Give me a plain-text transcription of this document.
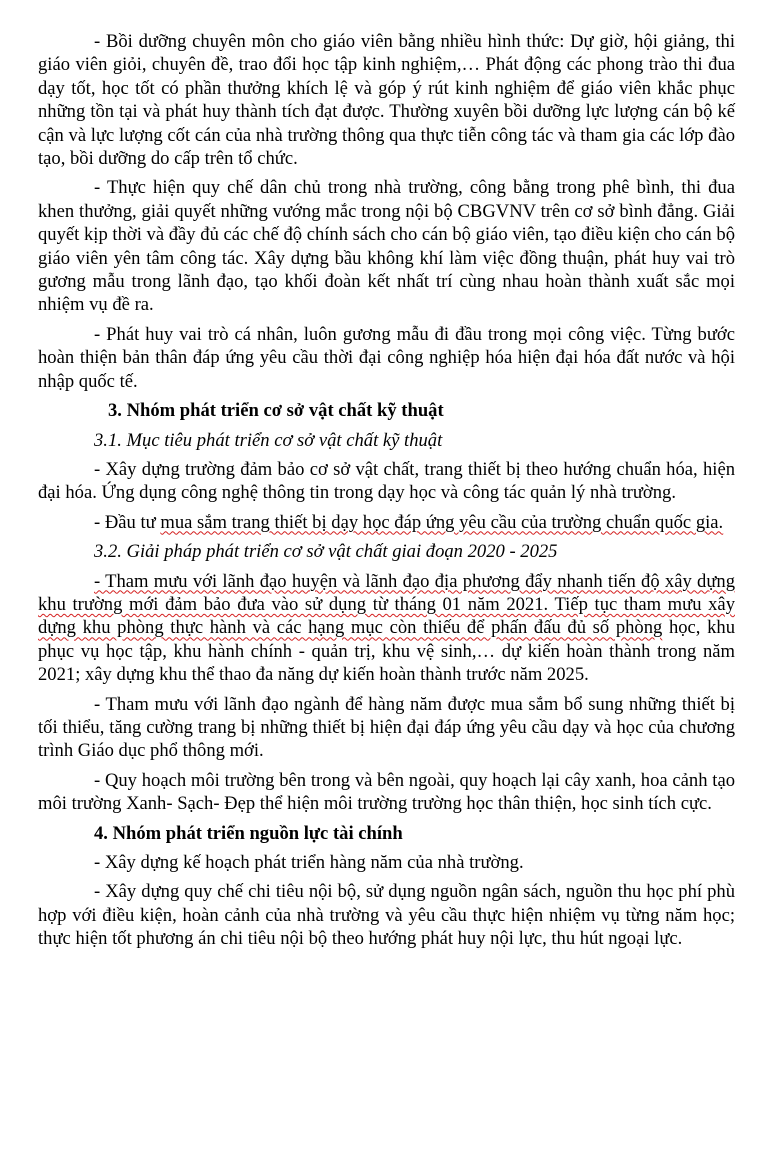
- Bồi dưỡng chuyên môn cho giáo viên bằng nhiều hình thức: Dự giờ, hội giảng, thi giáo viên giỏi, chuyên đề, trao đổi học tập kinh nghiệm,… Phát động các phong trào thi đua dạy tốt, học tốt có phần thưởng khích lệ và góp ý rút kinh nghiệm để giáo viên khắc phục những tồn tại và phát huy thành tích đạt được. Thường xuyên bồi dưỡng lực lượng cán bộ kế cận và lực lượng cốt cán của nhà trường thông qua thực tiễn công tác và tham gia các lớp đào tạo, bồi dưỡng do cấp trên tổ chức.

- Thực hiện quy chế dân chủ trong nhà trường, công bằng trong phê bình, thi đua khen thưởng, giải quyết những vướng mắc trong nội bộ CBGVNV trên cơ sở bình đẳng. Giải quyết kịp thời và đầy đủ các chế độ chính sách cho cán bộ giáo viên, tạo điều kiện cho cán bộ giáo viên yên tâm công tác. Xây dựng bầu không khí làm việc đồng thuận, phát huy vai trò gương mẫu trong lãnh đạo, tạo khối đoàn kết nhất trí cùng nhau hoàn thành xuất sắc mọi nhiệm vụ đề ra.

- Phát huy vai trò cá nhân, luôn gương mẫu đi đầu trong mọi công việc. Từng bước hoàn thiện bản thân đáp ứng yêu cầu thời đại công nghiệp hóa hiện đại hóa đất nước và hội nhập quốc tế.

3. Nhóm phát triển cơ sở vật chất kỹ thuật

3.1. Mục tiêu phát triển cơ sở vật chất kỹ thuật

- Xây dựng trường đảm bảo cơ sở vật chất, trang thiết bị theo hướng chuẩn hóa, hiện đại hóa. Ứng dụng công nghệ thông tin trong dạy học và công tác quản lý nhà trường.

- Đầu tư mua sắm trang thiết bị dạy học đáp ứng yêu cầu của trường chuẩn quốc gia.

3.2. Giải pháp phát triển cơ sở vật chất giai đoạn 2020 - 2025

- Tham mưu với lãnh đạo huyện và lãnh đạo địa phương đẩy nhanh tiến độ xây dựng khu trường mới đảm bảo đưa vào sử dụng từ tháng 01 năm 2021. Tiếp tục tham mưu xây dựng khu phòng thực hành và các hạng mục còn thiếu để phấn đấu đủ số phòng học, khu phục vụ học tập, khu hành chính - quản trị, khu vệ sinh,… dự kiến hoàn thành trong năm 2021; xây dựng khu thể thao đa năng dự kiến hoàn thành trước năm 2025.

- Tham mưu với lãnh đạo ngành để hàng năm được mua sắm bổ sung những thiết bị tối thiểu, tăng cường trang bị những thiết bị hiện đại đáp ứng yêu cầu dạy và học của chương trình Giáo dục phổ thông mới.

- Quy hoạch môi trường bên trong và bên ngoài, quy hoạch lại cây xanh, hoa cảnh tạo môi trường Xanh- Sạch- Đẹp thể hiện môi trường trường học thân thiện, học sinh tích cực.

4. Nhóm phát triển nguồn lực tài chính

- Xây dựng kế hoạch phát triển hàng năm của nhà trường.

- Xây dựng quy chế chi tiêu nội bộ, sử dụng nguồn ngân sách, nguồn thu học phí phù hợp với điều kiện, hoàn cảnh của nhà trường và yêu cầu thực hiện nhiệm vụ từng năm học; thực hiện tốt phương án chi tiêu nội bộ theo hướng phát huy nội lực, thu hút ngoại lực.
